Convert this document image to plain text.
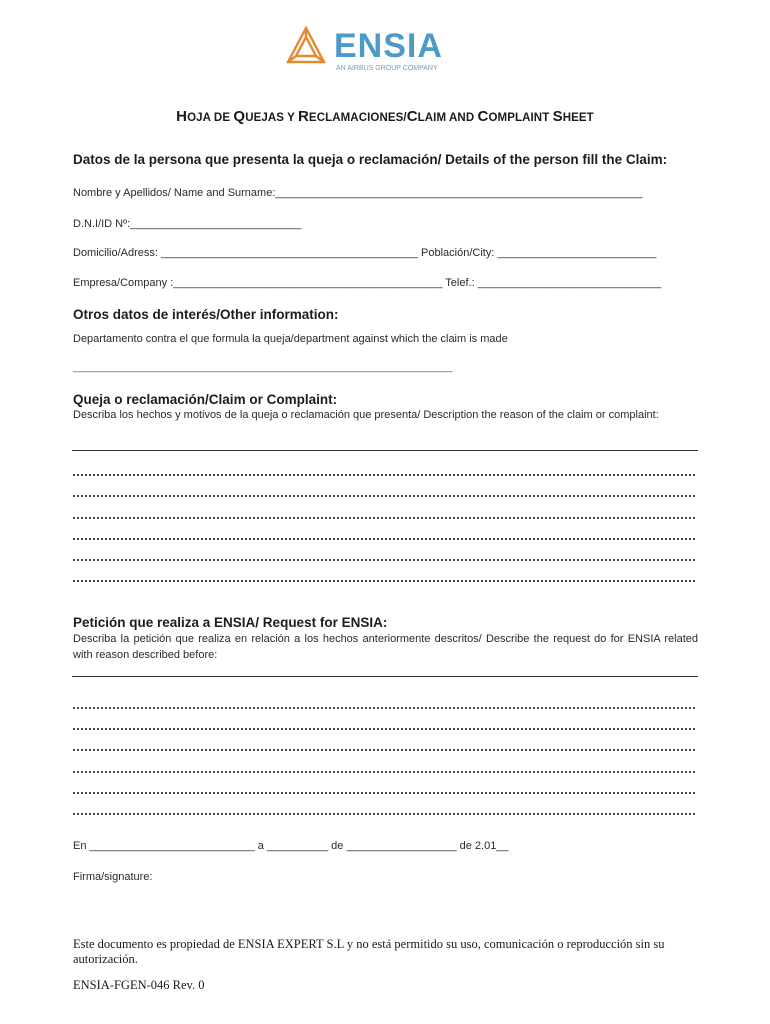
ENSIA
AN AIRBUS GROUP COMPANY
HOJA DE QUEJAS Y RECLAMACIONES/CLAIM AND COMPLAINT SHEET
Datos de la persona que presenta la queja o reclamación/ Details of the person fill the Claim:
Nombre y Apellidos/ Name and Surname:____________________________________________________________
D.N.I/ID Nº:____________________________
Domicilio/Adress: __________________________________________ Población/City: __________________________
Empresa/Company :____________________________________________ Telef.: ______________________________
Otros datos de interés/Other information:
Departamento contra el que formula la queja/department against which the claim is made
______________________________________________________________
Queja o reclamación/Claim or Complaint:
Describa los hechos y motivos de la queja o reclamación que presenta/ Description the reason of the claim or complaint:
Petición que realiza a ENSIA/ Request for ENSIA:
Describa la petición que realiza en relación a los hechos anteriormente descritos/ Describe the request do for ENSIA related with reason described before:
En ___________________________ a __________ de __________________ de 2.01__
Firma/signature:
Este documento es propiedad de ENSIA EXPERT S.L y no está permitido su uso, comunicación o reproducción sin su autorización.
ENSIA-FGEN-046 Rev. 0
